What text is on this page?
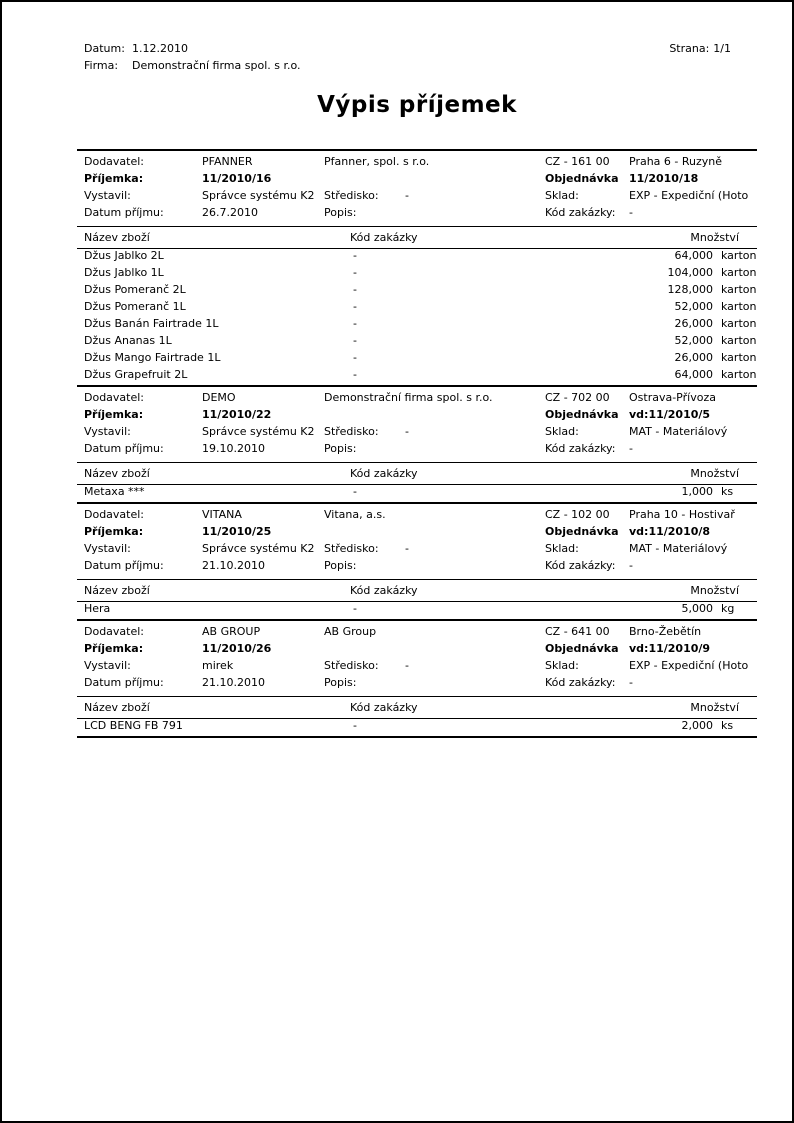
Datum: 1.12.2010
Firma: Demonstrační firma spol. s r.o.
Strana: 1/1
Výpis příjemek
Dodavatel:	PFANNER	Pfanner, spol. s r.o.	CZ - 161 00 Praha 6 - Ruzyně
Příjemka:	11/2010/16	Objednávka 11/2010/18
Vystavil:	Správce systému K2 Středisko: -	Sklad:	EXP - Expediční (Hoto
Datum příjmu:	26.7.2010	Popis:	Kód zakázky: -
Název zboží	Kód zakázky	Množství
Džus Jablko 2L	-	64,000 karton
Džus Jablko 1L	-	104,000 karton
Džus Pomeranč 2L	-	128,000 karton
Džus Pomeranč 1L	-	52,000 karton
Džus Banán Fairtrade 1L	-	26,000 karton
Džus Ananas 1L	-	52,000 karton
Džus Mango Fairtrade 1L	-	26,000 karton
Džus Grapefruit 2L	-	64,000 karton
Dodavatel:	DEMO	Demonstrační firma spol. s r.o.	CZ - 702 00 Ostrava-Přívoza
Příjemka:	11/2010/22	Objednávka vd:11/2010/5
Vystavil:	Správce systému K2 Středisko: -	Sklad:	MAT - Materiálový
Datum příjmu:	19.10.2010	Popis:	Kód zakázky: -
Název zboží	Kód zakázky	Množství
Metaxa ***	-	1,000 ks
Dodavatel:	VITANA	Vitana, a.s.	CZ - 102 00 Praha 10 - Hostivař
Příjemka:	11/2010/25	Objednávka vd:11/2010/8
Vystavil:	Správce systému K2 Středisko: -	Sklad:	MAT - Materiálový
Datum příjmu:	21.10.2010	Popis:	Kód zakázky: -
Název zboží	Kód zakázky	Množství
Hera	-	5,000 kg
Dodavatel:	AB GROUP	AB Group	CZ - 641 00 Brno-Žebětín
Příjemka:	11/2010/26	Objednávka vd:11/2010/9
Vystavil:	mirek	Středisko: -	Sklad:	EXP - Expediční (Hoto
Datum příjmu:	21.10.2010	Popis:	Kód zakázky: -
Název zboží	Kód zakázky	Množství
LCD BENG FB 791	-	2,000 ks
